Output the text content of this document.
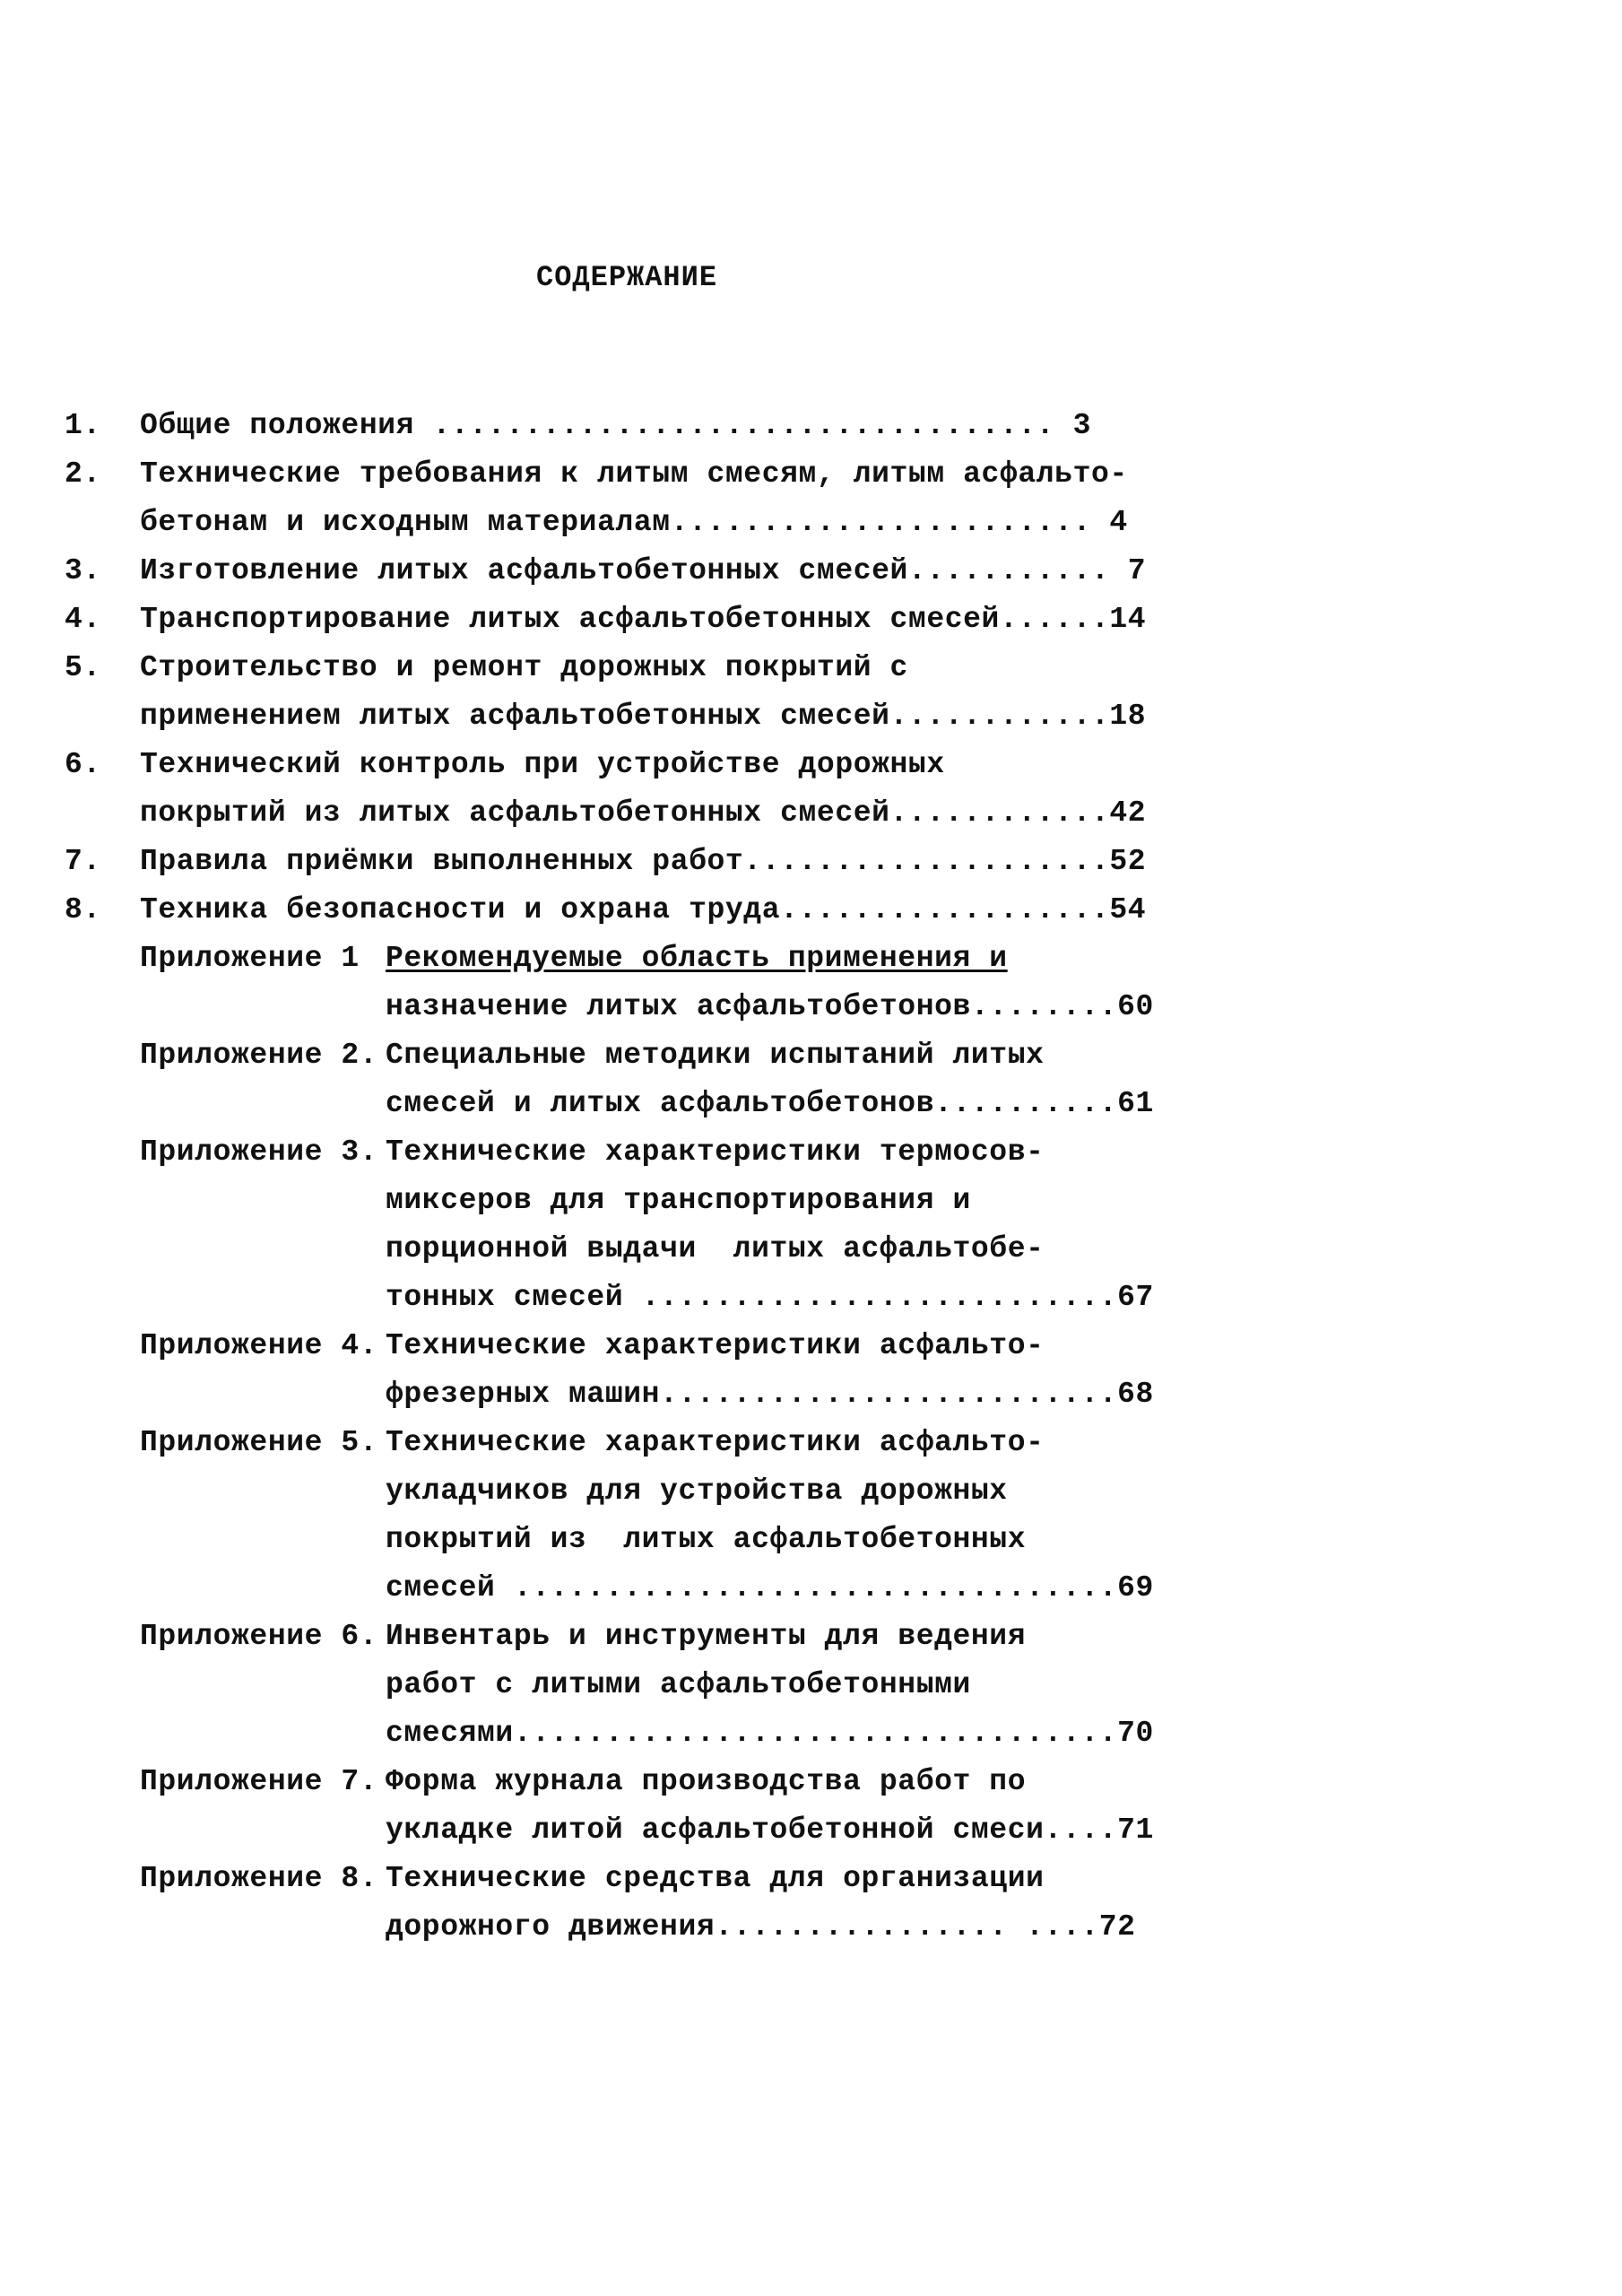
СОДЕРЖАНИЕ
1. Общие положения .................................. 3
2. Технические требования к литым смесям, литым асфальто-
бетонам и исходным материалам....................... 4
3. Изготовление литых асфальтобетонных смесей........... 7
4. Транспортирование литых асфальтобетонных смесей......14
5. Строительство и ремонт дорожных покрытий с
применением литых асфальтобетонных смесей............18
6. Технический контроль при устройстве дорожных
покрытий из литых асфальтобетонных смесей............42
7. Правила приёмки выполненных работ....................52
8. Техника безопасности и охрана труда..................54
Приложение 1 Рекомендуемые область применения и
назначение литых асфальтобетонов........60
Приложение 2. Специальные методики испытаний литых
смесей и литых асфальтобетонов..........61
Приложение 3. Технические характеристики термосов-
миксеров для транспортирования и
порционной выдачи  литых асфальтобе-
тонных смесей ..........................67
Приложение 4. Технические характеристики асфальто-
фрезерных машин.........................68
Приложение 5. Технические характеристики асфальто-
укладчиков для устройства дорожных
покрытий из  литых асфальтобетонных
смесей .................................69
Приложение 6. Инвентарь и инструменты для ведения
работ с литыми асфальтобетонными
смесями.................................70
Приложение 7. Форма журнала производства работ по
укладке литой асфальтобетонной смеси....71
Приложение 8. Технические средства для организации
дорожного движения................ ....72
